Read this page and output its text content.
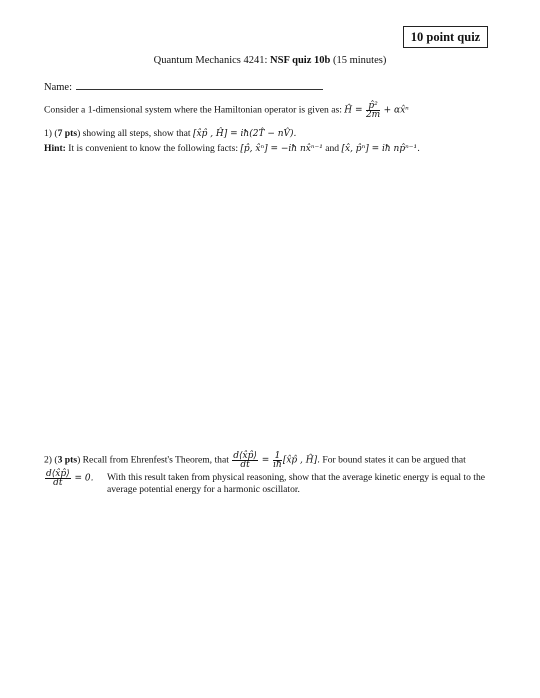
10 point quiz
Quantum Mechanics 4241: NSF quiz 10b (15 minutes)
Name:
Consider a 1-dimensional system where the Hamiltonian operator is given as: Ĥ = $\frac{\text{p̂²}}{2m}$ + αx̂ⁿ
1) (7 pts) showing all steps, show that [x̂p̂ , Ĥ] = iħ(2T̂ − nV̂).
Hint: It is convenient to know the following facts: [p̂, x̂ⁿ] = −iħ nx̂ⁿ⁻¹ and [x̂, p̂ⁿ] = iħ np̂ⁿ⁻¹.
2) (3 pts) Recall from Ehrenfest's Theorem, that $\frac{d⟨x̂p̂⟩}{dt} = \frac{1}{iħ}$ [x̂p̂ , Ĥ]. For bound states it can be argued that
$\frac{d⟨x̂p̂⟩}{dt} = 0$. With this result taken from physical reasoning, show that the average kinetic energy is equal to the average potential energy for a harmonic oscillator.
